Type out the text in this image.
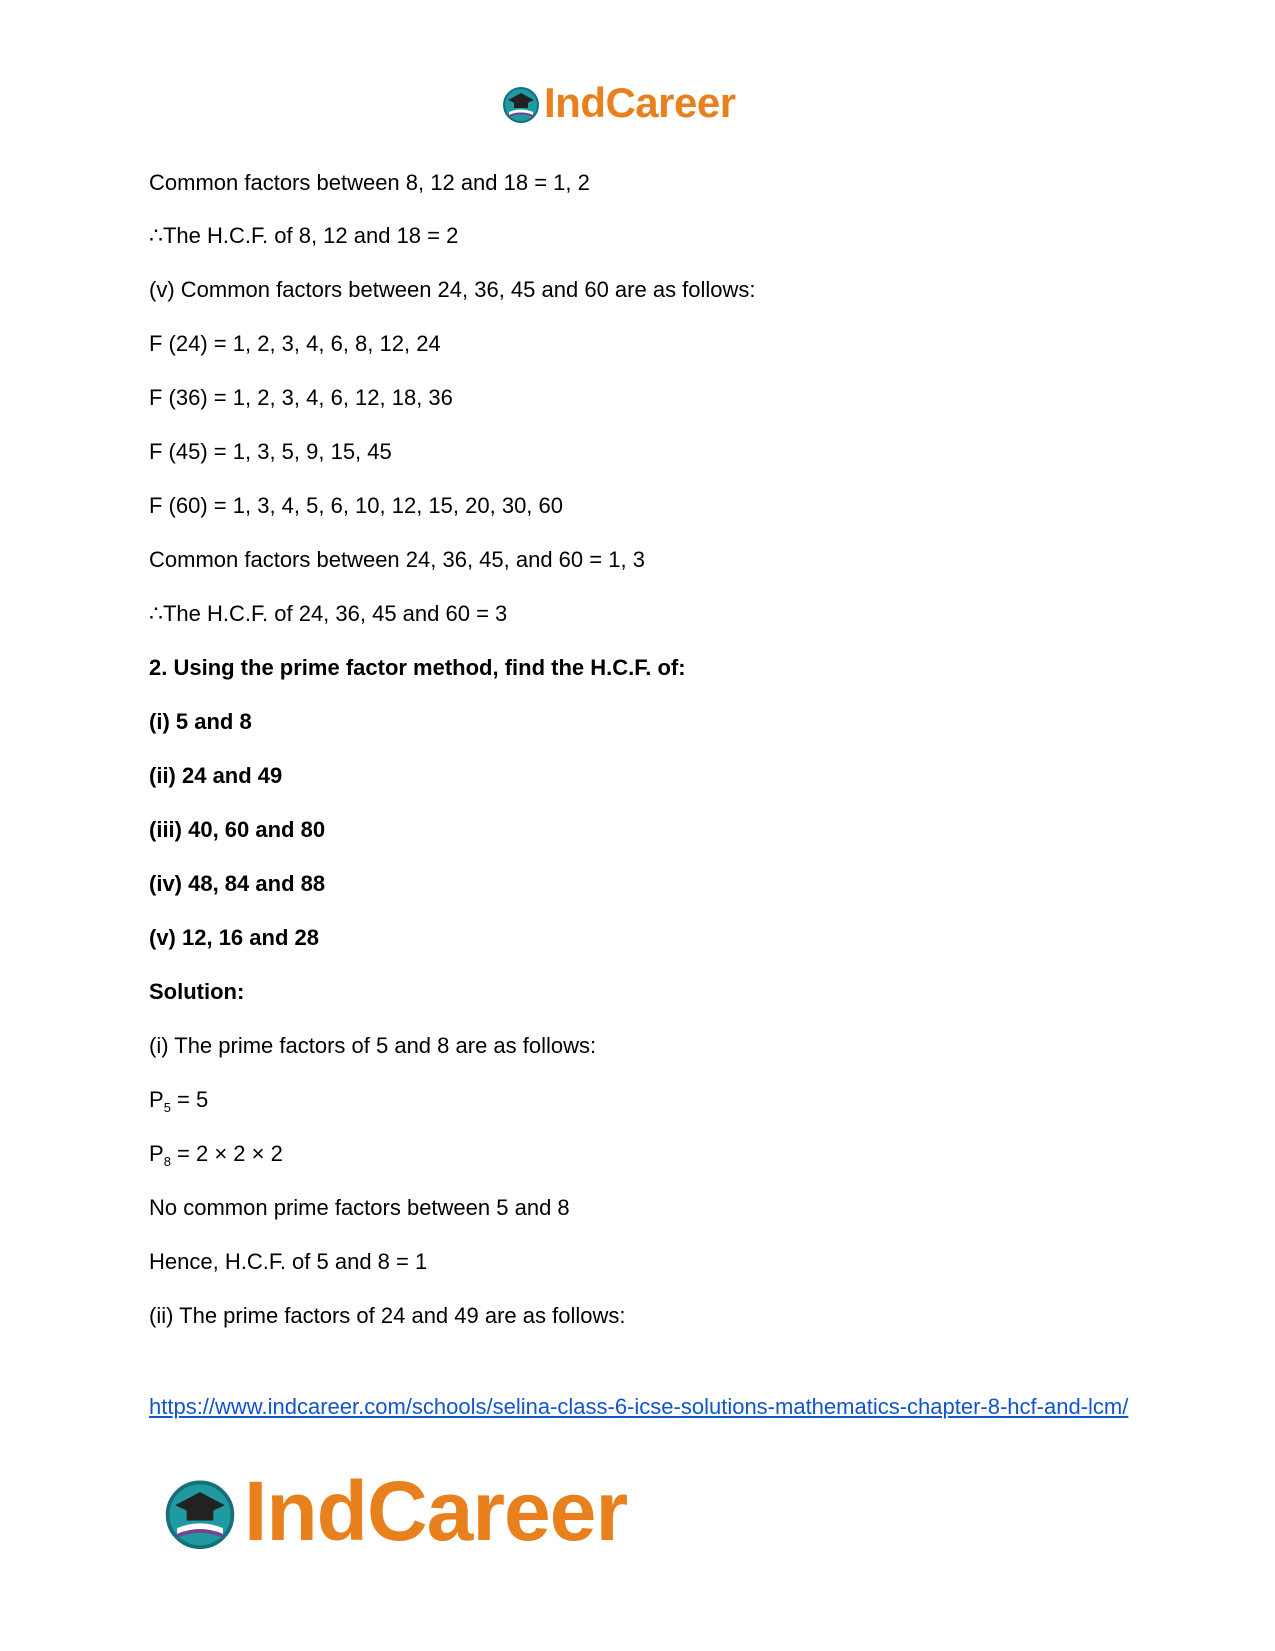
IndCareer
Common factors between 8, 12 and 18 = 1, 2
∴The H.C.F. of 8, 12 and 18 = 2
(v) Common factors between 24, 36, 45 and 60 are as follows:
F (24) = 1, 2, 3, 4, 6, 8, 12, 24
F (36) = 1, 2, 3, 4, 6, 12, 18, 36
F (45) = 1, 3, 5, 9, 15, 45
F (60) = 1, 3, 4, 5, 6, 10, 12, 15, 20, 30, 60
Common factors between 24, 36, 45, and 60 = 1, 3
∴The H.C.F. of 24, 36, 45 and 60 = 3
2. Using the prime factor method, find the H.C.F. of:
(i) 5 and 8
(ii) 24 and 49
(iii) 40, 60 and 80
(iv) 48, 84 and 88
(v) 12, 16 and 28
Solution:
(i) The prime factors of 5 and 8 are as follows:
$P_5 = 5$
$P_8 = 2 \times 2 \times 2$
No common prime factors between 5 and 8
Hence, H.C.F. of 5 and 8 = 1
(ii) The prime factors of 24 and 49 are as follows:
https://www.indcareer.com/schools/selina-class-6-icse-solutions-mathematics-chapter-8-hcf-and-lcm/
IndCareer
